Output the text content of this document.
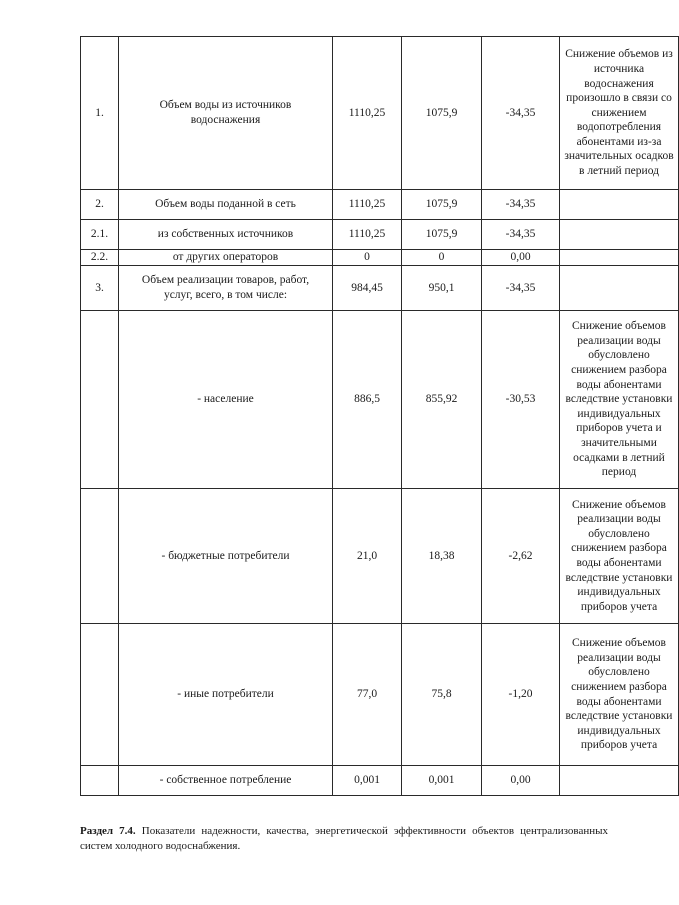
1.	Объем воды из источников водоснажения	1110,25	1075,9	-34,35	Снижение объемов из источника водоснажения произошло в связи со снижением водопотребления абонентами из-за значительных осадков в летний период
2.	Объем воды поданной в сеть	1110,25	1075,9	-34,35	
2.1.	из собственных источников	1110,25	1075,9	-34,35	
2.2.	от других операторов	0	0	0,00	
3.	Объем реализации товаров, работ, услуг, всего, в том числе:	984,45	950,1	-34,35	
	- население	886,5	855,92	-30,53	Снижение объемов реализации воды обусловлено снижением разбора воды абонентами вследствие установки индивидуальных приборов учета и значительными осадками в летний период
	- бюджетные потребители	21,0	18,38	-2,62	Снижение объемов реализации воды обусловлено снижением разбора воды абонентами вследствие установки индивидуальных приборов учета
	- иные потребители	77,0	75,8	-1,20	Снижение объемов реализации воды обусловлено снижением разбора воды абонентами вследствие установки индивидуальных приборов учета
	- собственное потребление	0,001	0,001	0,00	
Раздел 7.4. Показатели надежности, качества, энергетической эффективности объектов централизованных систем холодного водоснабжения.
